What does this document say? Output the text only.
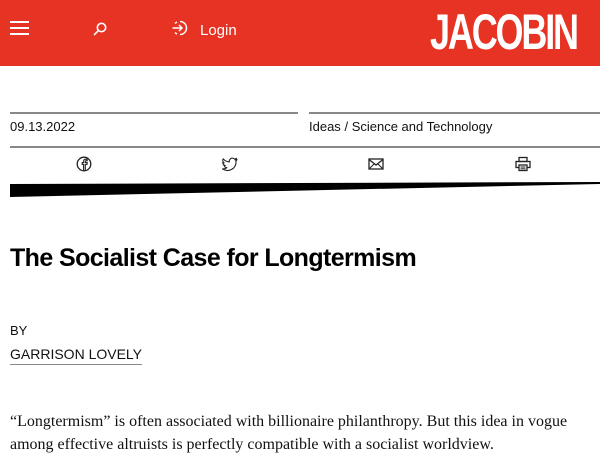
Login	JACOBIN
09.13.2022	Ideas / Science and Technology
The Socialist Case for Longtermism
BY
GARRISON LOVELY

“Longtermism” is often associated with billionaire philanthropy. But this idea in vogue among effective altruists is perfectly compatible with a socialist worldview.
